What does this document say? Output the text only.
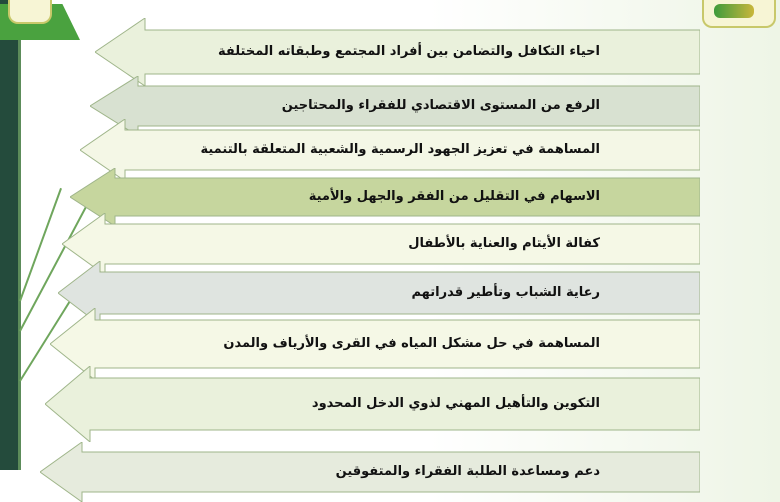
احياء التكافل والتضامن بين أفراد المجتمع وطبقاته المختلفة
الرفع من المستوى الاقتصادي للفقراء والمحتاجين
المساهمة في تعزيز الجهود الرسمية والشعبية المتعلقة بالتنمية
الاسهام في التقليل من الفقر والجهل والأمية
كفالة الأيتام والعناية بالأطفال
رعاية الشباب وتأطير قدراتهم
المساهمة في حل مشكل المياه في القرى والأرياف والمدن
التكوين والتأهيل المهني لذوي الدخل المحدود
دعم ومساعدة الطلبة الفقراء والمتفوقين
